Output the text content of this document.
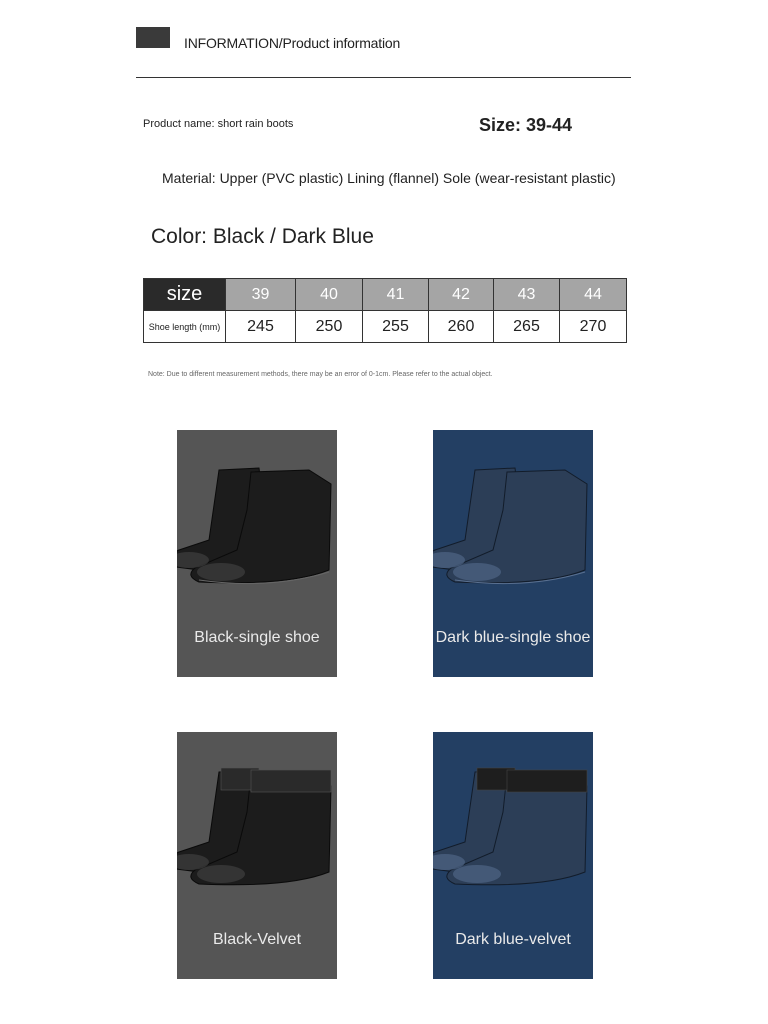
INFORMATION/Product information
Product name: short rain boots	Size: 39-44
Material: Upper (PVC plastic) Lining (flannel) Sole (wear-resistant plastic)
Color: Black / Dark Blue
size	39	40	41	42	43	44
Shoe length (mm)	245	250	255	260	265	270
Note: Due to different measurement methods, there may be an error of 0-1cm. Please refer to the actual object.
Black-single shoe	Dark blue-single shoe
Black-Velvet	Dark blue-velvet
